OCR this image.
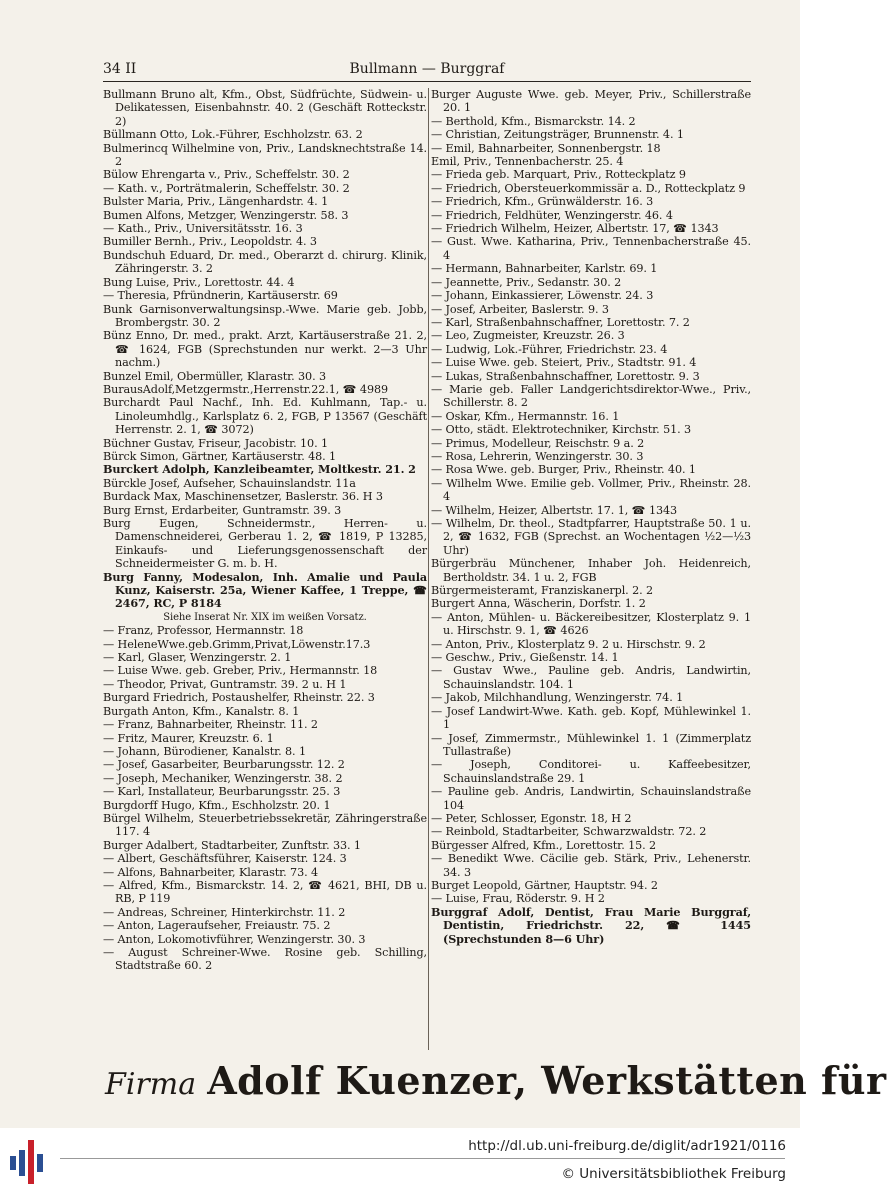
34 II	Bullmann — Burggraf
Bullmann Bruno alt, Kfm., Obst, Südfrüchte, Südwein- u. Delikatessen, Eisenbahnstr. 40. 2 (Geschäft Rotteckstr. 2)
Büllmann Otto, Lok.-Führer, Eschholzstr. 63. 2
Bulmerincq Wilhelmine von, Priv., Landsknechtstraße 14. 2
Bülow Ehrengarta v., Priv., Scheffelstr. 30. 2
— Kath. v., Porträtmalerin, Scheffelstr. 30. 2
Bulster Maria, Priv., Längenhardstr. 4. 1
Bumen Alfons, Metzger, Wenzingerstr. 58. 3
— Kath., Priv., Universitätsstr. 16. 3
Bumiller Bernh., Priv., Leopoldstr. 4. 3
Bundschuh Eduard, Dr. med., Oberarzt d. chirurg. Klinik, Zähringerstr. 3. 2
Bung Luise, Priv., Lorettostr. 44. 4
— Theresia, Pfründnerin, Kartäuserstr. 69
Bunk Garnisonverwaltungsinsp.-Wwe. Marie geb. Jobb, Brombergstr. 30. 2
Bünz Enno, Dr. med., prakt. Arzt, Kartäuserstraße 21. 2, ☎ 1624, FGB (Sprechstunden nur werkt. 2—3 Uhr nachm.)
Bunzel Emil, Obermüller, Klarastr. 30. 3
BurausAdolf,Metzgermstr.,Herrenstr.22.1, ☎ 4989
Burchardt Paul Nachf., Inh. Ed. Kuhlmann, Tap.- u. Linoleumhdlg., Karlsplatz 6. 2, FGB, P 13567 (Geschäft Herrenstr. 2. 1, ☎ 3072)
Büchner Gustav, Friseur, Jacobistr. 10. 1
Bürck Simon, Gärtner, Kartäuserstr. 48. 1
Burckert Adolph, Kanzleibeamter, Moltkestr. 21. 2
Bürckle Josef, Aufseher, Schauinslandstr. 11a
Burdack Max, Maschinensetzer, Baslerstr. 36. H 3
Burg Ernst, Erdarbeiter, Guntramstr. 39. 3
Burg Eugen, Schneidermstr., Herren- u. Damenschneiderei, Gerberau 1. 2, ☎ 1819, P 13285, Einkaufs- und Lieferungsgenossenschaft der Schneidermeister G. m. b. H.
Burg Fanny, Modesalon, Inh. Amalie und Paula Kunz, Kaiserstr. 25a, Wiener Kaffee, 1 Treppe, ☎ 2467, RC, P 8184
Siehe Inserat Nr. XIX im weißen Vorsatz.
— Franz, Professor, Hermannstr. 18
— HeleneWwe.geb.Grimm,Privat,Löwenstr.17.3
— Karl, Glaser, Wenzingerstr. 2. 1
— Luise Wwe. geb. Greber, Priv., Hermannstr. 18
— Theodor, Privat, Guntramstr. 39. 2 u. H 1
Burgard Friedrich, Postaushelfer, Rheinstr. 22. 3
Burgath Anton, Kfm., Kanalstr. 8. 1
— Franz, Bahnarbeiter, Rheinstr. 11. 2
— Fritz, Maurer, Kreuzstr. 6. 1
— Johann, Bürodiener, Kanalstr. 8. 1
— Josef, Gasarbeiter, Beurbarungsstr. 12. 2
— Joseph, Mechaniker, Wenzingerstr. 38. 2
— Karl, Installateur, Beurbarungsstr. 25. 3
Burgdorff Hugo, Kfm., Eschholzstr. 20. 1
Bürgel Wilhelm, Steuerbetriebssekretär, Zähringerstraße 117. 4
Burger Adalbert, Stadtarbeiter, Zunftstr. 33. 1
— Albert, Geschäftsführer, Kaiserstr. 124. 3
— Alfons, Bahnarbeiter, Klarastr. 73. 4
— Alfred, Kfm., Bismarckstr. 14. 2, ☎ 4621, BHI, DB u. RB, P 119
— Andreas, Schreiner, Hinterkirchstr. 11. 2
— Anton, Lageraufseher, Freiaustr. 75. 2
— Anton, Lokomotivführer, Wenzingerstr. 30. 3
— August Schreiner-Wwe. Rosine geb. Schilling, Stadtstraße 60. 2
Burger Auguste Wwe. geb. Meyer, Priv., Schillerstraße 20. 1
— Berthold, Kfm., Bismarckstr. 14. 2
— Christian, Zeitungsträger, Brunnenstr. 4. 1
— Emil, Bahnarbeiter, Sonnenbergstr. 18
Emil, Priv., Tennenbacherstr. 25. 4
— Frieda geb. Marquart, Priv., Rotteckplatz 9
— Friedrich, Obersteuerkommissär a. D., Rotteckplatz 9
— Friedrich, Kfm., Grünwälderstr. 16. 3
— Friedrich, Feldhüter, Wenzingerstr. 46. 4
— Friedrich Wilhelm, Heizer, Albertstr. 17, ☎ 1343
— Gust. Wwe. Katharina, Priv., Tennenbacherstraße 45. 4
— Hermann, Bahnarbeiter, Karlstr. 69. 1
— Jeannette, Priv., Sedanstr. 30. 2
— Johann, Einkassierer, Löwenstr. 24. 3
— Josef, Arbeiter, Baslerstr. 9. 3
— Karl, Straßenbahnschaffner, Lorettostr. 7. 2
— Leo, Zugmeister, Kreuzstr. 26. 3
— Ludwig, Lok.-Führer, Friedrichstr. 23. 4
— Luise Wwe. geb. Steiert, Priv., Stadtstr. 91. 4
— Lukas, Straßenbahnschaffner, Lorettostr. 9. 3
— Marie geb. Faller Landgerichtsdirektor-Wwe., Priv., Schillerstr. 8. 2
— Oskar, Kfm., Hermannstr. 16. 1
— Otto, städt. Elektrotechniker, Kirchstr. 51. 3
— Primus, Modelleur, Reischstr. 9 a. 2
— Rosa, Lehrerin, Wenzingerstr. 30. 3
— Rosa Wwe. geb. Burger, Priv., Rheinstr. 40. 1
— Wilhelm Wwe. Emilie geb. Vollmer, Priv., Rheinstr. 28. 4
— Wilhelm, Heizer, Albertstr. 17. 1, ☎ 1343
— Wilhelm, Dr. theol., Stadtpfarrer, Hauptstraße 50. 1 u. 2, ☎ 1632, FGB (Sprechst. an Wochentagen ½2—½3 Uhr)
Bürgerbräu Münchener, Inhaber Joh. Heidenreich, Bertholdstr. 34. 1 u. 2, FGB
Bürgermeisteramt, Franziskanerpl. 2. 2
Burgert Anna, Wäscherin, Dorfstr. 1. 2
— Anton, Mühlen- u. Bäckereibesitzer, Klosterplatz 9. 1 u. Hirschstr. 9. 1, ☎ 4626
— Anton, Priv., Klosterplatz 9. 2 u. Hirschstr. 9. 2
— Geschw., Priv., Gießenstr. 14. 1
— Gustav Wwe., Pauline geb. Andris, Landwirtin, Schauinslandstr. 104. 1
— Jakob, Milchhandlung, Wenzingerstr. 74. 1
— Josef Landwirt-Wwe. Kath. geb. Kopf, Mühlewinkel 1. 1
— Josef, Zimmermstr., Mühlewinkel 1. 1 (Zimmerplatz Tullastraße)
— Joseph, Conditorei- u. Kaffeebesitzer, Schauinslandstraße 29. 1
— Pauline geb. Andris, Landwirtin, Schauinslandstraße 104
— Peter, Schlosser, Egonstr. 18, H 2
— Reinbold, Stadtarbeiter, Schwarzwaldstr. 72. 2
Bürgesser Alfred, Kfm., Lorettostr. 15. 2
— Benedikt Wwe. Cäcilie geb. Stärk, Priv., Lehenerstr. 34. 3
Burget Leopold, Gärtner, Hauptstr. 94. 2
— Luise, Frau, Röderstr. 9. H 2
Burggraf Adolf, Dentist, Frau Marie Burggraf, Dentistin, Friedrichstr. 22, ☎ 1445 (Sprechstunden 8—6 Uhr)
Firma Adolf Kuenzer, Werkstätten für
http://dl.ub.uni-freiburg.de/diglit/adr1921/0116
© Universitätsbibliothek Freiburg
